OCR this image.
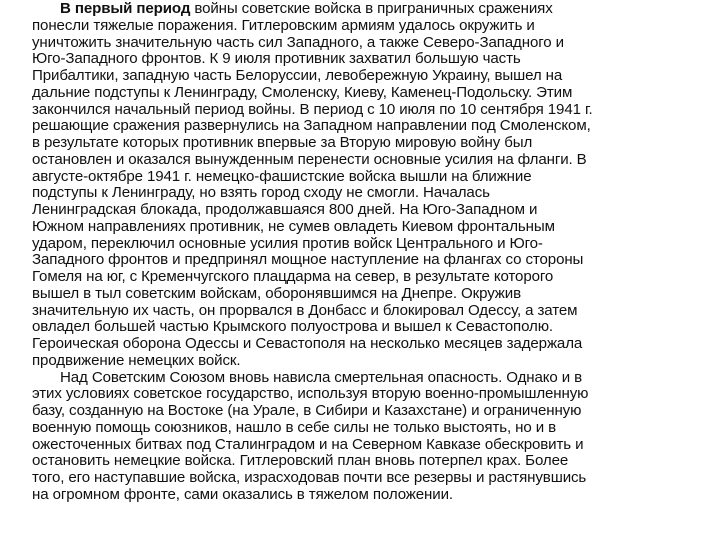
В первый период войны советские войска в приграничных сражениях
понесли тяжелые поражения. Гитлеровским армиям удалось окружить и
уничтожить значительную часть сил Западного, а также Северо-Западного и
Юго-Западного фронтов. К 9 июля противник захватил большую часть
Прибалтики, западную часть Белоруссии, левобережную Украину, вышел на
дальние подступы к Ленинграду, Смоленску, Киеву, Каменец-Подольску. Этим
закончился начальный период войны. В период с 10 июля по 10 сентября 1941 г.
решающие сражения развернулись на Западном направлении под Смоленском,
в результате которых противник впервые за Вторую мировую войну был
остановлен и оказался вынужденным перенести основные усилия на фланги. В
августе-октябре 1941 г. немецко-фашистские войска вышли на ближние
подступы к Ленинграду, но взять город сходу не смогли. Началась
Ленинградская блокада, продолжавшаяся 800 дней. На Юго-Западном и
Южном направлениях противник, не сумев овладеть Киевом фронтальным
ударом, переключил основные усилия против войск Центрального и Юго-
Западного фронтов и предпринял мощное наступление на флангах со стороны
Гомеля на юг, с Кременчугского плацдарма на север, в результате которого
вышел в тыл советским войскам, оборонявшимся на Днепре. Окружив
значительную их часть, он прорвался в Донбасс и блокировал Одессу, а затем
овладел большей частью Крымского полуострова и вышел к Севастополю.
Героическая оборона Одессы и Севастополя на несколько месяцев задержала
продвижение немецких войск.
Над Советским Союзом вновь нависла смертельная опасность. Однако и в
этих условиях советское государство, используя вторую военно-промышленную
базу, созданную на Востоке (на Урале, в Сибири и Казахстане) и ограниченную
военную помощь союзников, нашло в себе силы не только выстоять, но и в
ожесточенных битвах под Сталинградом и на Северном Кавказе обескровить и
остановить немецкие войска. Гитлеровский план вновь потерпел крах. Более
того, его наступавшие войска, израсходовав почти все резервы и растянувшись
на огромном фронте, сами оказались в тяжелом положении.
